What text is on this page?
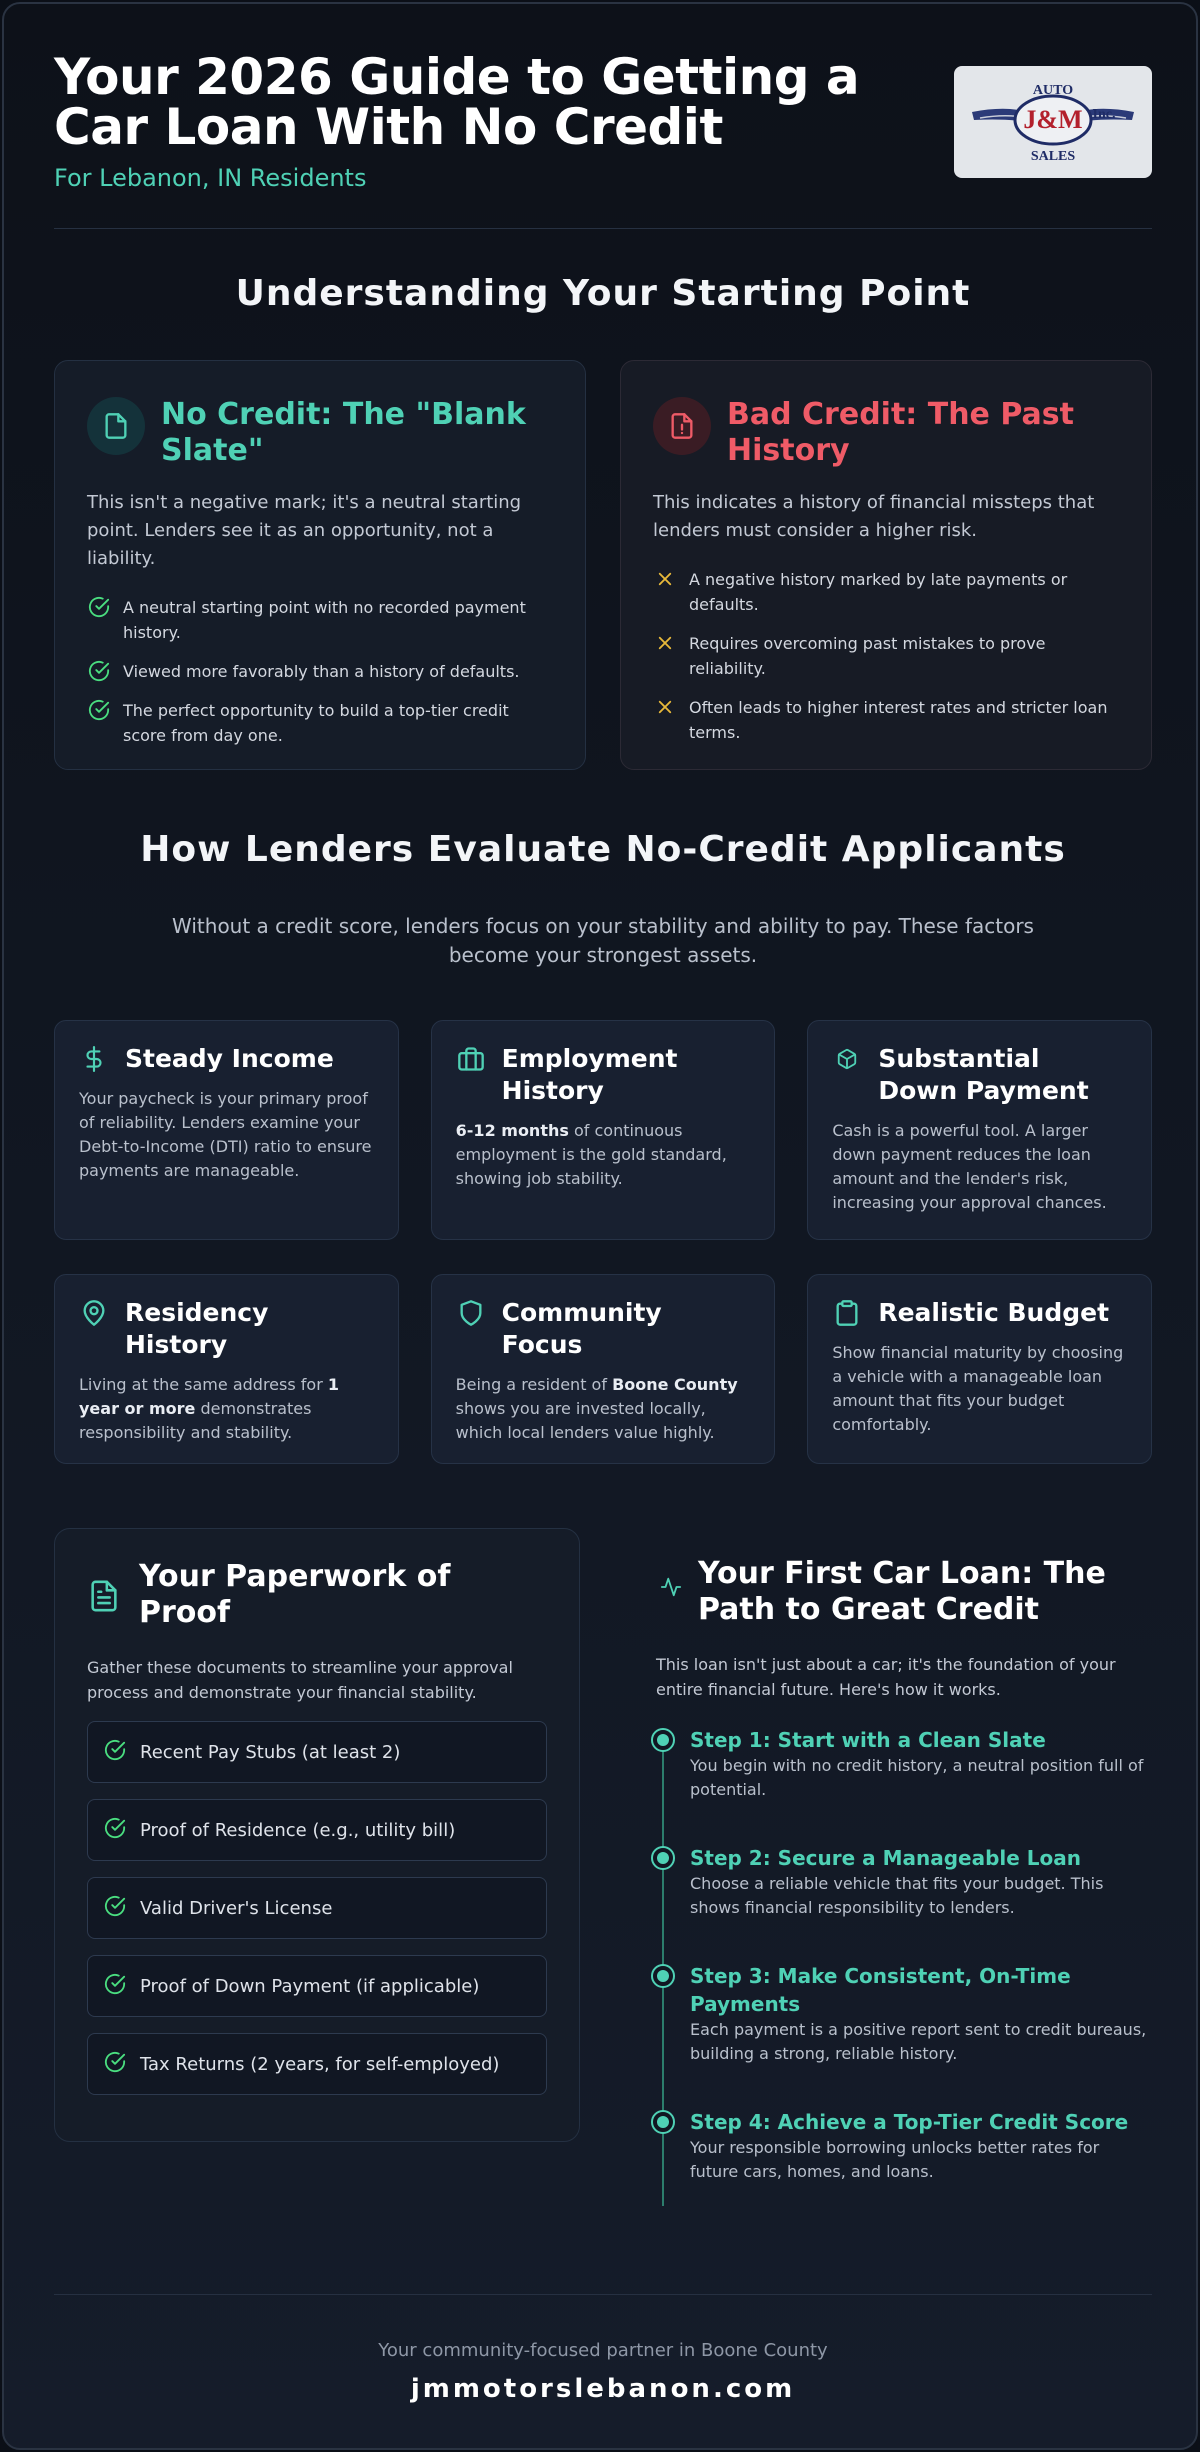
Your 2026 Guide to Getting a Car Loan With No Credit
For Lebanon, IN Residents
J&M
AUTO
Inc.
SALES
Understanding Your Starting Point
No Credit: The "Blank Slate"

This isn't a negative mark; it's a neutral starting point. Lenders see it as an opportunity, not a liability.

A neutral starting point with no recorded payment history.
Viewed more favorably than a history of defaults.
The perfect opportunity to build a top-tier credit score from day one.
Bad Credit: The Past History

This indicates a history of financial missteps that lenders must consider a higher risk.

A negative history marked by late payments or defaults.
Requires overcoming past mistakes to prove reliability.
Often leads to higher interest rates and stricter loan terms.
How Lenders Evaluate No-Credit Applicants

Without a credit score, lenders focus on your stability and ability to pay. These factors become your strongest assets.

Steady Income

Your paycheck is your primary proof of reliability. Lenders examine your Debt-to-Income (DTI) ratio to ensure payments are manageable.

Employment History

6-12 months of continuous employment is the gold standard, showing job stability.

Substantial Down Payment

Cash is a powerful tool. A larger down payment reduces the loan amount and the lender's risk, increasing your approval chances.

Residency History

Living at the same address for 1 year or more demonstrates responsibility and stability.

Community Focus

Being a resident of Boone County shows you are invested locally, which local lenders value highly.

Realistic Budget

Show financial maturity by choosing a vehicle with a manageable loan amount that fits your budget comfortably.

Your Paperwork of Proof

Gather these documents to streamline your approval process and demonstrate your financial stability.

Recent Pay Stubs (at least 2)
Proof of Residence (e.g., utility bill)
Valid Driver's License
Proof of Down Payment (if applicable)
Tax Returns (2 years, for self-employed)
Your First Car Loan: The Path to Great Credit

This loan isn't just about a car; it's the foundation of your entire financial future. Here's how it works.

Step 1: Start with a Clean Slate
You begin with no credit history, a neutral position full of potential.
Step 2: Secure a Manageable Loan
Choose a reliable vehicle that fits your budget. This shows financial responsibility to lenders.
Step 3: Make Consistent, On-Time Payments
Each payment is a positive report sent to credit bureaus, building a strong, reliable history.
Step 4: Achieve a Top-Tier Credit Score
Your responsible borrowing unlocks better rates for future cars, homes, and loans.
Your community-focused partner in Boone County
jmmotorslebanon.com
